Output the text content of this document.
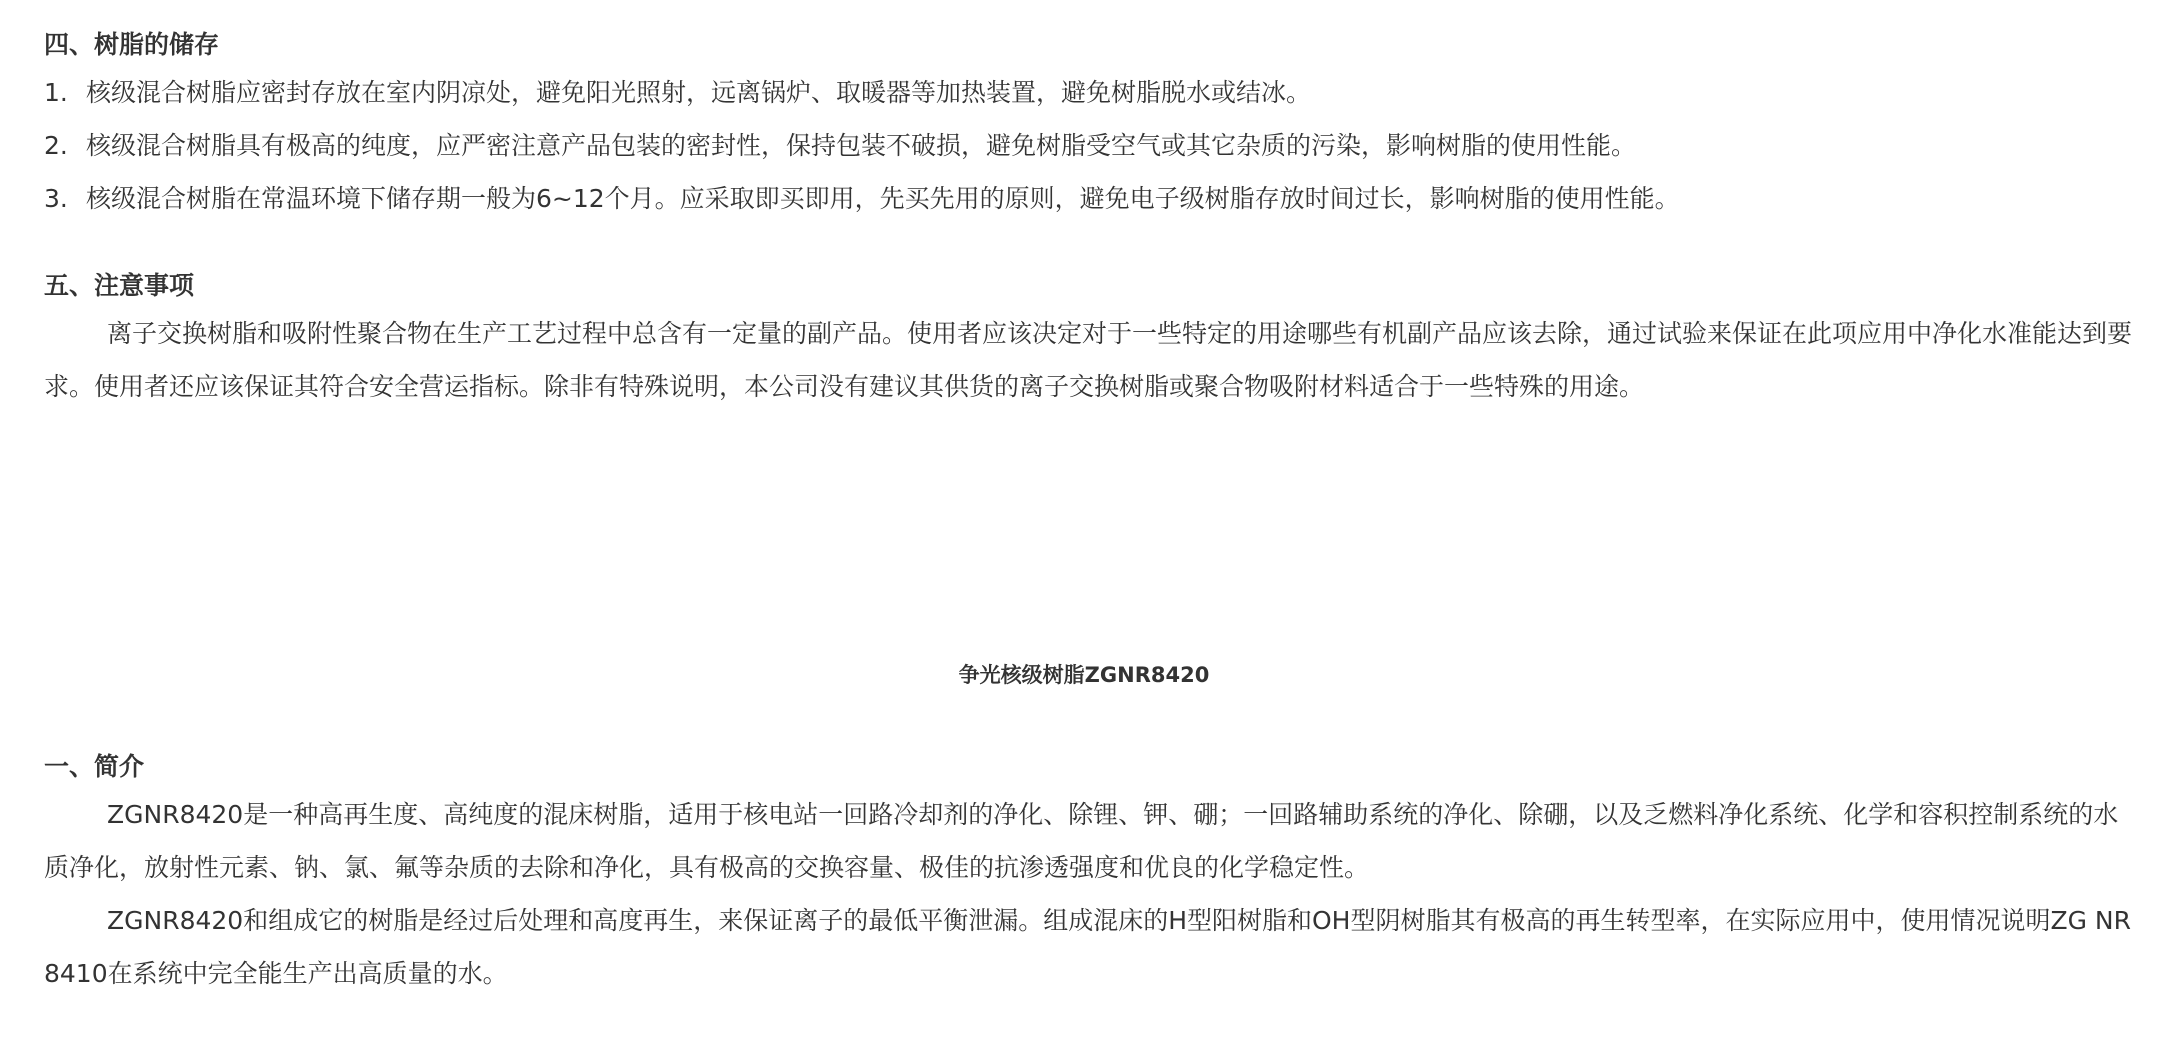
四、树脂的储存

1. 核级混合树脂应密封存放在室内阴凉处，避免阳光照射，远离锅炉、取暖器等加热装置，避免树脂脱水或结冰。

2. 核级混合树脂具有极高的纯度，应严密注意产品包装的密封性，保持包装不破损，避免树脂受空气或其它杂质的污染，影响树脂的使用性能。

3. 核级混合树脂在常温环境下储存期一般为6~12个月。应采取即买即用，先买先用的原则，避免电子级树脂存放时间过长，影响树脂的使用性能。

五、注意事项

离子交换树脂和吸附性聚合物在生产工艺过程中总含有一定量的副产品。使用者应该决定对于一些特定的用途哪些有机副产品应该去除，通过试验来保证在此项应用中净化水准能达到要求。使用者还应该保证其符合安全营运指标。除非有特殊说明，本公司没有建议其供货的离子交换树脂或聚合物吸附材料适合于一些特殊的用途。

争光核级树脂ZGNR8420
一、简介

ZGNR8420是一种高再生度、高纯度的混床树脂，适用于核电站一回路冷却剂的净化、除锂、钾、硼；一回路辅助系统的净化、除硼，以及乏燃料净化系统、化学和容积控制系统的水质净化，放射性元素、钠、氯、氟等杂质的去除和净化，具有极高的交换容量、极佳的抗渗透强度和优良的化学稳定性。

ZGNR8420和组成它的树脂是经过后处理和高度再生，来保证离子的最低平衡泄漏。组成混床的H型阳树脂和OH型阴树脂其有极高的再生转型率，在实际应用中，使用情况说明ZG NR 8410在系统中完全能生产出高质量的水。
